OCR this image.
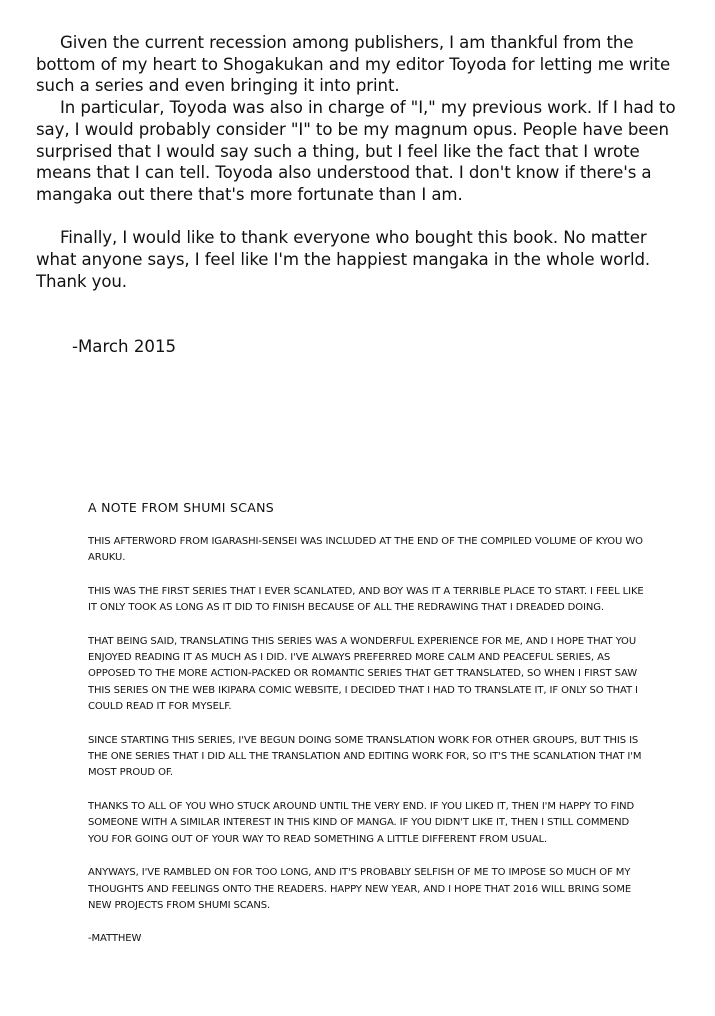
Given the current recession among publishers, I am thankful from the bottom of my heart to Shogakukan and my editor Toyoda for letting me write such a series and even bringing it into print.

In particular, Toyoda was also in charge of "I," my previous work. If I had to say, I would probably consider "I" to be my magnum opus. People have been surprised that I would say such a thing, but I feel like the fact that I wrote means that I can tell. Toyoda also understood that. I don't know if there's a mangaka out there that's more fortunate than I am.

Finally, I would like to thank everyone who bought this book. No matter what anyone says, I feel like I'm the happiest mangaka in the whole world. Thank you.

-March 2015
A NOTE FROM SHUMI SCANS

THIS AFTERWORD FROM IGARASHI-SENSEI WAS INCLUDED AT THE END OF THE COMPILED VOLUME OF KYOU WO ARUKU.

THIS WAS THE FIRST SERIES THAT I EVER SCANLATED, AND BOY WAS IT A TERRIBLE PLACE TO START. I FEEL LIKE IT ONLY TOOK AS LONG AS IT DID TO FINISH BECAUSE OF ALL THE REDRAWING THAT I DREADED DOING.

THAT BEING SAID, TRANSLATING THIS SERIES WAS A WONDERFUL EXPERIENCE FOR ME, AND I HOPE THAT YOU ENJOYED READING IT AS MUCH AS I DID. I'VE ALWAYS PREFERRED MORE CALM AND PEACEFUL SERIES, AS OPPOSED TO THE MORE ACTION-PACKED OR ROMANTIC SERIES THAT GET TRANSLATED, SO WHEN I FIRST SAW THIS SERIES ON THE WEB IKIPARA COMIC WEBSITE, I DECIDED THAT I HAD TO TRANSLATE IT, IF ONLY SO THAT I COULD READ IT FOR MYSELF.

SINCE STARTING THIS SERIES, I'VE BEGUN DOING SOME TRANSLATION WORK FOR OTHER GROUPS, BUT THIS IS THE ONE SERIES THAT I DID ALL THE TRANSLATION AND EDITING WORK FOR, SO IT'S THE SCANLATION THAT I'M MOST PROUD OF.

THANKS TO ALL OF YOU WHO STUCK AROUND UNTIL THE VERY END. IF YOU LIKED IT, THEN I'M HAPPY TO FIND SOMEONE WITH A SIMILAR INTEREST IN THIS KIND OF MANGA. IF YOU DIDN'T LIKE IT, THEN I STILL COMMEND YOU FOR GOING OUT OF YOUR WAY TO READ SOMETHING A LITTLE DIFFERENT FROM USUAL.

ANYWAYS, I'VE RAMBLED ON FOR TOO LONG, AND IT'S PROBABLY SELFISH OF ME TO IMPOSE SO MUCH OF MY THOUGHTS AND FEELINGS ONTO THE READERS. HAPPY NEW YEAR, AND I HOPE THAT 2016 WILL BRING SOME NEW PROJECTS FROM SHUMI SCANS.

-MATTHEW
